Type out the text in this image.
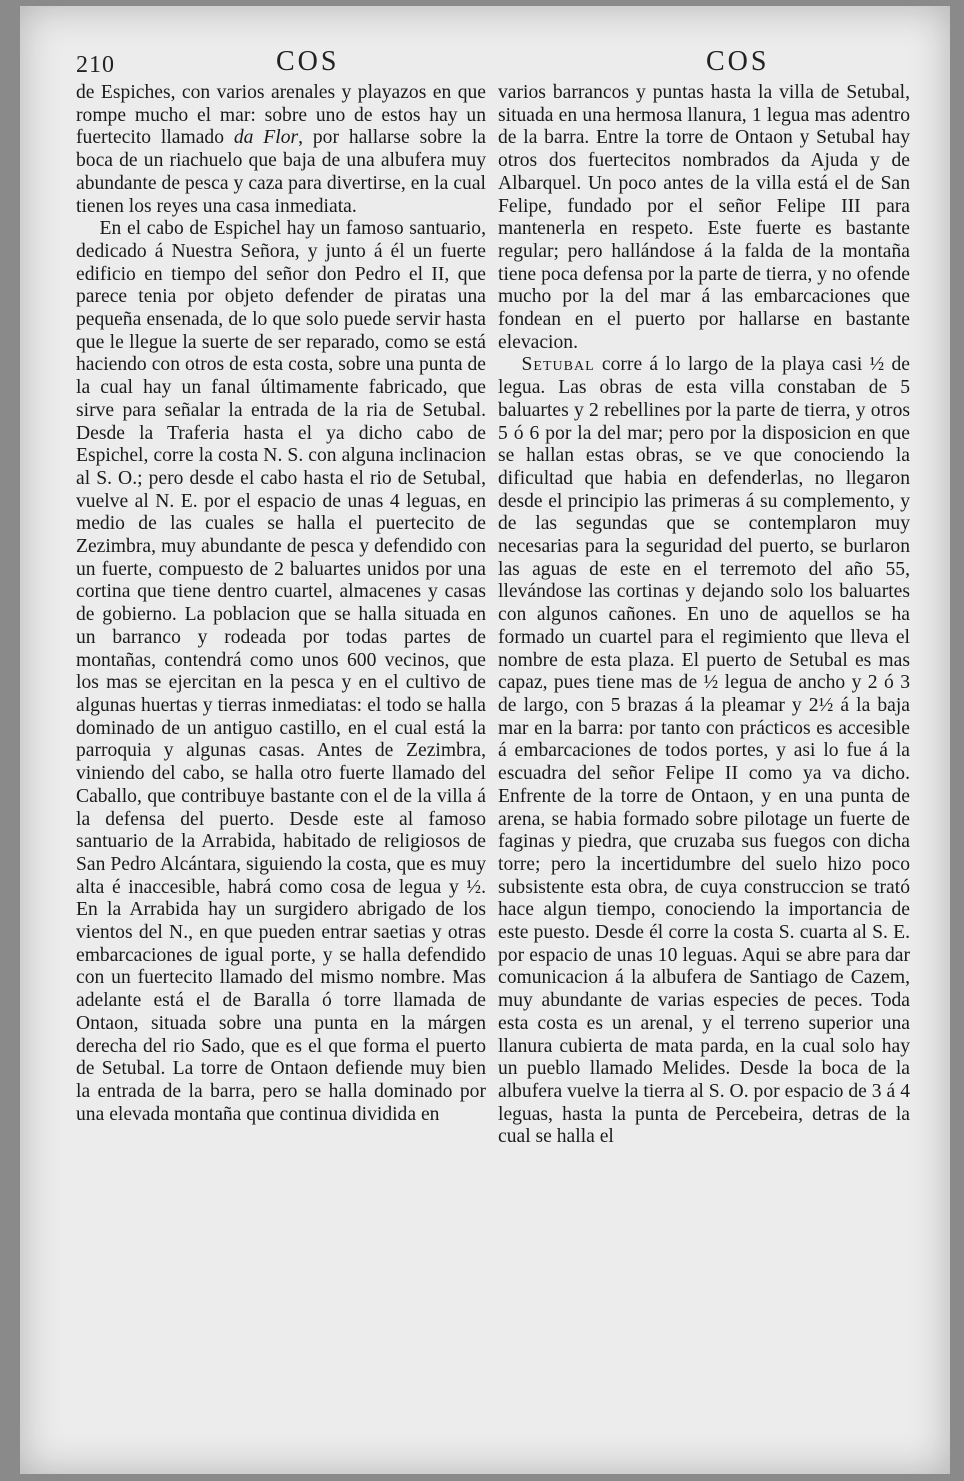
210	COS	COS

de Espiches, con varios arenales y playazos en que rompe mucho el mar: sobre uno de estos hay un fuertecito llamado da Flor, por hallarse sobre la boca de un riachuelo que baja de una albufera muy abundante de pesca y caza para divertirse, en la cual tienen los reyes una casa inmediata.

En el cabo de Espichel hay un famoso santuario, dedicado á Nuestra Señora, y junto á él un fuerte edificio en tiempo del señor don Pedro el II, que parece tenia por objeto defender de piratas una pequeña ensenada, de lo que solo puede servir hasta que le llegue la suerte de ser reparado, como se está haciendo con otros de esta costa, sobre una punta de la cual hay un fanal últimamente fabricado, que sirve para señalar la entrada de la ria de Setubal. Desde la Traferia hasta el ya dicho cabo de Espichel, corre la costa N. S. con alguna inclinacion al S. O.; pero desde el cabo hasta el rio de Setubal, vuelve al N. E. por el espacio de unas 4 leguas, en medio de las cuales se halla el puertecito de Zezimbra, muy abundante de pesca y defendido con un fuerte, compuesto de 2 baluartes unidos por una cortina que tiene dentro cuartel, almacenes y casas de gobierno. La poblacion que se halla situada en un barranco y rodeada por todas partes de montañas, contendrá como unos 600 vecinos, que los mas se ejercitan en la pesca y en el cultivo de algunas huertas y tierras inmediatas: el todo se halla dominado de un antiguo castillo, en el cual está la parroquia y algunas casas. Antes de Zezimbra, viniendo del cabo, se halla otro fuerte llamado del Caballo, que contribuye bastante con el de la villa á la defensa del puerto. Desde este al famoso santuario de la Arrabida, habitado de religiosos de San Pedro Alcántara, siguiendo la costa, que es muy alta é inaccesible, habrá como cosa de legua y ½. En la Arrabida hay un surgidero abrigado de los vientos del N., en que pueden entrar saetias y otras embarcaciones de igual porte, y se halla defendido con un fuertecito llamado del mismo nombre. Mas adelante está el de Baralla ó torre llamada de Ontaon, situada sobre una punta en la márgen derecha del rio Sado, que es el que forma el puerto de Setubal. La torre de Ontaon defiende muy bien la entrada de la barra, pero se halla dominado por una elevada montaña que continua dividida en

varios barrancos y puntas hasta la villa de Setubal, situada en una hermosa llanura, 1 legua mas adentro de la barra. Entre la torre de Ontaon y Setubal hay otros dos fuertecitos nombrados da Ajuda y de Albarquel. Un poco antes de la villa está el de San Felipe, fundado por el señor Felipe III para mantenerla en respeto. Este fuerte es bastante regular; pero hallándose á la falda de la montaña tiene poca defensa por la parte de tierra, y no ofende mucho por la del mar á las embarcaciones que fondean en el puerto por hallarse en bastante elevacion.

Setubal corre á lo largo de la playa casi ½ de legua. Las obras de esta villa constaban de 5 baluartes y 2 rebellines por la parte de tierra, y otros 5 ó 6 por la del mar; pero por la disposicion en que se hallan estas obras, se ve que conociendo la dificultad que habia en defenderlas, no llegaron desde el principio las primeras á su complemento, y de las segundas que se contemplaron muy necesarias para la seguridad del puerto, se burlaron las aguas de este en el terremoto del año 55, llevándose las cortinas y dejando solo los baluartes con algunos cañones. En uno de aquellos se ha formado un cuartel para el regimiento que lleva el nombre de esta plaza. El puerto de Setubal es mas capaz, pues tiene mas de ½ legua de ancho y 2 ó 3 de largo, con 5 brazas á la pleamar y 2½ á la baja mar en la barra: por tanto con prácticos es accesible á embarcaciones de todos portes, y asi lo fue á la escuadra del señor Felipe II como ya va dicho. Enfrente de la torre de Ontaon, y en una punta de arena, se habia formado sobre pilotage un fuerte de faginas y piedra, que cruzaba sus fuegos con dicha torre; pero la incertidumbre del suelo hizo poco subsistente esta obra, de cuya construccion se trató hace algun tiempo, conociendo la importancia de este puesto. Desde él corre la costa S. cuarta al S. E. por espacio de unas 10 leguas. Aqui se abre para dar comunicacion á la albufera de Santiago de Cazem, muy abundante de varias especies de peces. Toda esta costa es un arenal, y el terreno superior una llanura cubierta de mata parda, en la cual solo hay un pueblo llamado Melides. Desde la boca de la albufera vuelve la tierra al S. O. por espacio de 3 á 4 leguas, hasta la punta de Percebeira, detras de la cual se halla el
